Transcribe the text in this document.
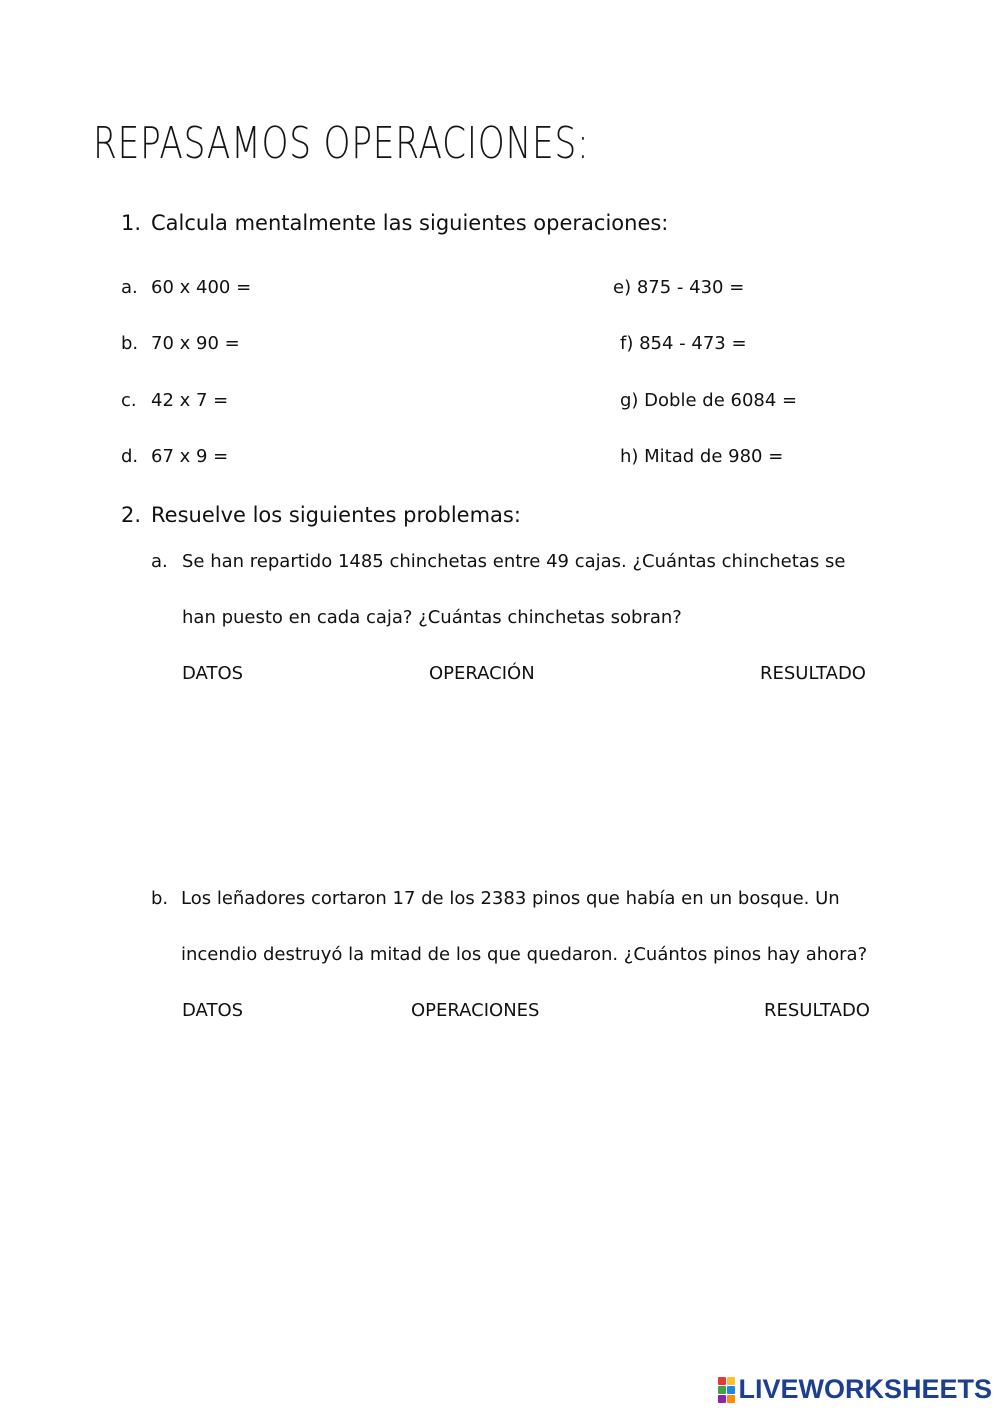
REPASAMOS OPERACIONES:
1. Calcula mentalmente las siguientes operaciones:
a. 60 x 400 =
b. 70 x 90 =
c. 42 x 7 =
d. 67 x 9 =
e) 875 - 430 =
f) 854 - 473 =
g) Doble de 6084 =
h) Mitad de 980 =
2. Resuelve los siguientes problemas:
a. Se han repartido 1485 chinchetas entre 49 cajas. ¿Cuántas chinchetas se
han puesto en cada caja? ¿Cuántas chinchetas sobran?
DATOS	OPERACIÓN	RESULTADO
b. Los leñadores cortaron 17 de los 2383 pinos que había en un bosque. Un
incendio destruyó la mitad de los que quedaron. ¿Cuántos pinos hay ahora?
DATOS	OPERACIONES	RESULTADO
LIVEWORKSHEETS
